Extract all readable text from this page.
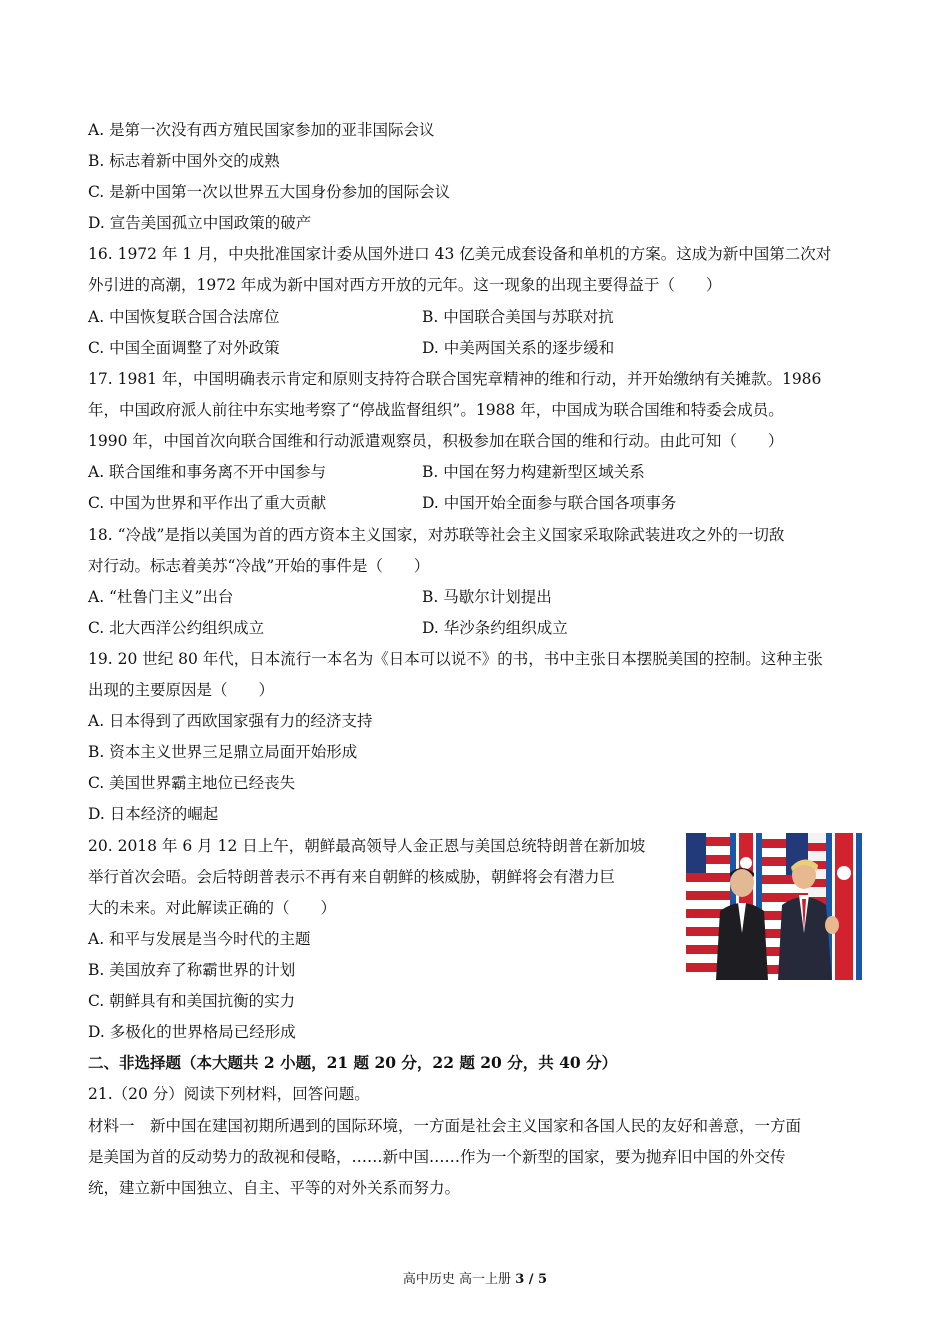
A. 是第一次没有西方殖民国家参加的亚非国际会议
B. 标志着新中国外交的成熟
C. 是新中国第一次以世界五大国身份参加的国际会议
D. 宣告美国孤立中国政策的破产
16. 1972 年 1 月，中央批准国家计委从国外进口 43 亿美元成套设备和单机的方案。这成为新中国第二次对
外引进的高潮，1972 年成为新中国对西方开放的元年。这一现象的出现主要得益于（　　）
A. 中国恢复联合国合法席位	B. 中国联合美国与苏联对抗
C. 中国全面调整了对外政策	D. 中美两国关系的逐步缓和
17. 1981 年，中国明确表示肯定和原则支持符合联合国宪章精神的维和行动，并开始缴纳有关摊款。1986
年，中国政府派人前往中东实地考察了“停战监督组织”。1988 年，中国成为联合国维和特委会成员。
1990 年，中国首次向联合国维和行动派遣观察员，积极参加在联合国的维和行动。由此可知（　　）
A. 联合国维和事务离不开中国参与	B. 中国在努力构建新型区域关系
C. 中国为世界和平作出了重大贡献	D. 中国开始全面参与联合国各项事务
18. “冷战”是指以美国为首的西方资本主义国家，对苏联等社会主义国家采取除武装进攻之外的一切敌
对行动。标志着美苏“冷战”开始的事件是（　　）
A. “杜鲁门主义”出台	B. 马歇尔计划提出
C. 北大西洋公约组织成立	D. 华沙条约组织成立
19. 20 世纪 80 年代，日本流行一本名为《日本可以说不》的书，书中主张日本摆脱美国的控制。这种主张
出现的主要原因是（　　）
A. 日本得到了西欧国家强有力的经济支持
B. 资本主义世界三足鼎立局面开始形成
C. 美国世界霸主地位已经丧失
D. 日本经济的崛起
20. 2018 年 6 月 12 日上午，朝鲜最高领导人金正恩与美国总统特朗普在新加坡
举行首次会晤。会后特朗普表示不再有来自朝鲜的核威胁，朝鲜将会有潜力巨
大的未来。对此解读正确的（　　）
A. 和平与发展是当今时代的主题
B. 美国放弃了称霸世界的计划
C. 朝鲜具有和美国抗衡的实力
D. 多极化的世界格局已经形成
二、非选择题（本大题共 2 小题，21 题 20 分，22 题 20 分，共 40 分）
21.（20 分）阅读下列材料，回答问题。
材料一　新中国在建国初期所遇到的国际环境，一方面是社会主义国家和各国人民的友好和善意，一方面
是美国为首的反动势力的敌视和侵略，……新中国……作为一个新型的国家，要为抛弃旧中国的外交传
统，建立新中国独立、自主、平等的对外关系而努力。
高中历史 高一上册 3 / 5
